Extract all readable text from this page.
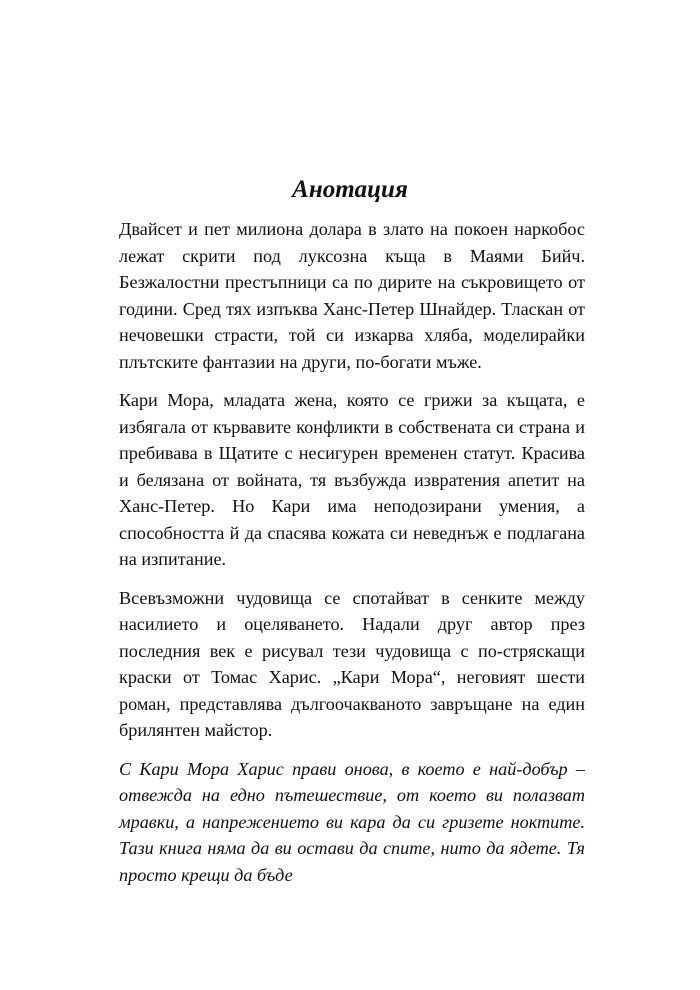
Анотация

Двайсет и пет милиона долара в злато на покоен наркобос лежат скрити под луксозна къща в Маями Бийч. Безжалостни престъпници са по дирите на съкровището от години. Сред тях изпъква Ханс-Петер Шнайдер. Тласкан от нечовешки страсти, той си изкарва хляба, моделирайки плътските фантазии на други, по-богати мъже.

Кари Мора, младата жена, която се грижи за къщата, е избягала от кървавите конфликти в собствената си страна и пребивава в Щатите с несигурен временен статут. Красива и белязана от войната, тя възбужда извратения апетит на Ханс-Петер. Но Кари има неподозирани умения, а способността й да спасява кожата си неведнъж е подлагана на изпитание.

Всевъзможни чудовища се спотайват в сенките между насилието и оцеляването. Надали друг автор през последния век е рисувал тези чудовища с по-стряскащи краски от Томас Харис. „Кари Мора“, неговият шести роман, представлява дългоочакваното завръщане на един брилянтен майстор.

С Кари Мора Харис прави онова, в което е най-добър – отвежда на едно пътешествие, от което ви полазват мравки, а напрежението ви кара да си гризете ноктите. Тази книга няма да ви остави да спите, нито да ядете. Тя просто крещи да бъде
